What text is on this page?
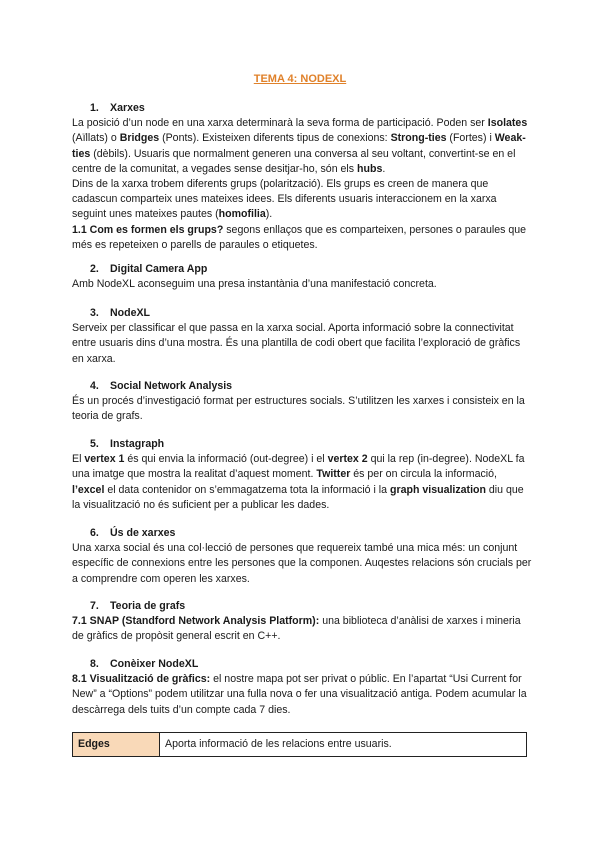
TEMA 4: NODEXL
1. Xarxes

La posició d’un node en una xarxa determinarà la seva forma de participació. Poden ser Isolates (Aïllats) o Bridges (Ponts). Existeixen diferents tipus de conexions: Strong-ties (Fortes) i Weak-ties (dèbils). Usuaris que normalment generen una conversa al seu voltant, convertint-se en el centre de la comunitat, a vegades sense desitjar-ho, són els hubs.

Dins de la xarxa trobem diferents grups (polarització). Els grups es creen de manera que cadascun comparteix unes mateixes idees. Els diferents usuaris interaccionem en la xarxa seguint unes mateixes pautes (homofilia).

1.1 Com es formen els grups? segons enllaços que es comparteixen, persones o paraules que més es repeteixen o parells de paraules o etiquetes.

2. Digital Camera App

Amb NodeXL aconseguim una presa instantània d’una manifestació concreta.

3. NodeXL

Serveix per classificar el que passa en la xarxa social. Aporta informació sobre la connectivitat entre usuaris dins d’una mostra. És una plantilla de codi obert que facilita l’exploració de gràfics en xarxa.

4. Social Network Analysis

És un procés d’investigació format per estructures socials. S’utilitzen les xarxes i consisteix en la teoria de grafs.

5. Instagraph

El vertex 1 és qui envia la informació (out-degree) i el vertex 2 qui la rep (in-degree). NodeXL fa una imatge que mostra la realitat d’aquest moment. Twitter és per on circula la informació, l’excel el data contenidor on s’emmagatzema tota la informació i la graph visualization diu que la visualització no és suficient per a publicar les dades.

6. Ús de xarxes

Una xarxa social és una col·lecció de persones que requereix també una mica més: un conjunt específic de connexions entre les persones que la componen. Auqestes relacions són crucials per a comprendre com operen les xarxes.

7. Teoria de grafs

7.1 SNAP (Standford Network Analysis Platform): una biblioteca d’anàlisi de xarxes i mineria de gràfics de propòsit general escrit en C++.

8. Conèixer NodeXL

8.1 Visualització de gràfics: el nostre mapa pot ser privat o públic. En l’apartat “Usi Current for New” a “Options” podem utilitzar una fulla nova o fer una visualització antiga. Podem acumular la descàrrega dels tuits d’un compte cada 7 dies.

Edges	Aporta informació de les relacions entre usuaris.
